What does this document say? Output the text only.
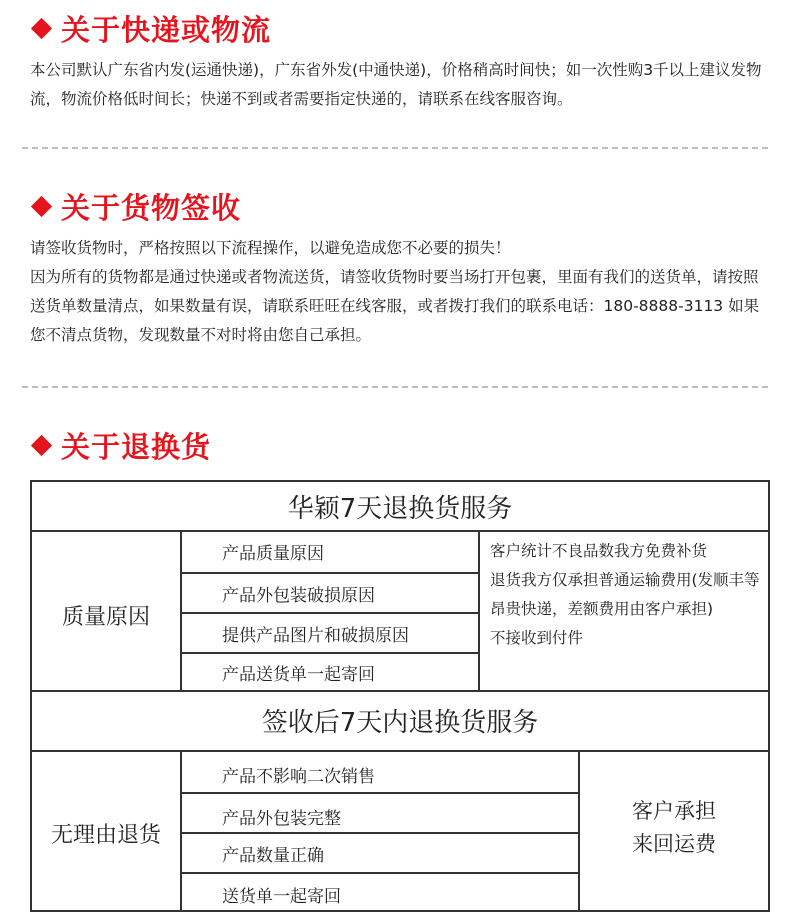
关于快递或物流

本公司默认广东省内发(运通快递)，广东省外发(中通快递)，价格稍高时间快；如一次性购3千以上建议发物流，物流价格低时间长；快递不到或者需要指定快递的，请联系在线客服咨询。

关于货物签收

请签收货物时，严格按照以下流程操作，以避免造成您不必要的损失！

因为所有的货物都是通过快递或者物流送货，请签收货物时要当场打开包裹，里面有我们的送货单，请按照送货单数量清点，如果数量有误，请联系旺旺在线客服，或者拨打我们的联系电话：180-8888-3113 如果您不清点货物，发现数量不对时将由您自己承担。

关于退换货
华颖7天退换货服务
质量原因
产品质量原因
产品外包装破损原因
提供产品图片和破损原因
产品送货单一起寄回

客户统计不良品数我方免费补货

退货我方仅承担普通运输费用(发顺丰等昂贵快递，差额费用由客户承担)

不接收到付件

签收后7天内退换货服务
无理由退货
产品不影响二次销售
产品外包装完整
产品数量正确
送货单一起寄回

客户承担

来回运费
